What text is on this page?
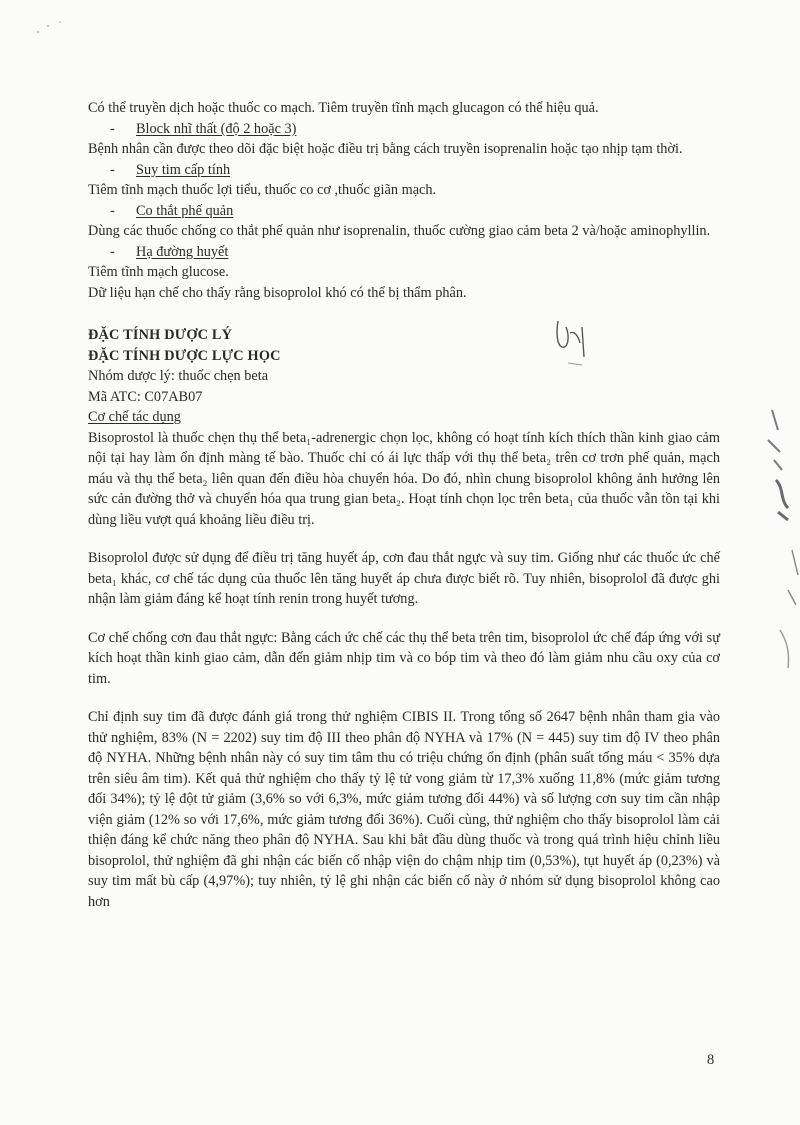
Có thể truyền dịch hoặc thuốc co mạch. Tiêm truyền tĩnh mạch glucagon có thể hiệu quả.

- Block nhĩ thất (độ 2 hoặc 3)

Bệnh nhân cần được theo dõi đặc biệt hoặc điều trị bằng cách truyền isoprenalin hoặc tạo nhịp tạm thời.

- Suy tim cấp tính

Tiêm tĩnh mạch thuốc lợi tiểu, thuốc co cơ ,thuốc giãn mạch.

- Co thắt phế quản

Dùng các thuốc chống co thắt phế quản như isoprenalin, thuốc cường giao cảm beta 2 và/hoặc aminophyllin.

- Hạ đường huyết

Tiêm tĩnh mạch glucose.

Dữ liệu hạn chế cho thấy rằng bisoprolol khó có thể bị thẩm phân.

ĐẶC TÍNH DƯỢC LÝ

ĐẶC TÍNH DƯỢC LỰC HỌC

Nhóm dược lý: thuốc chẹn beta

Mã ATC: C07AB07

Cơ chế tác dụng

Bisoprostol là thuốc chẹn thụ thể beta₁-adrenergic chọn lọc, không có hoạt tính kích thích thần kinh giao cảm nội tại hay làm ổn định màng tế bào. Thuốc chỉ có ái lực thấp với thụ thể beta₂ trên cơ trơn phế quản, mạch máu và thụ thể beta₂ liên quan đến điều hòa chuyển hóa. Do đó, nhìn chung bisoprolol không ảnh hưởng lên sức cản đường thở và chuyển hóa qua trung gian beta₂. Hoạt tính chọn lọc trên beta₁ của thuốc vẫn tồn tại khi dùng liều vượt quá khoảng liều điều trị.

Bisoprolol được sử dụng để điều trị tăng huyết áp, cơn đau thắt ngực và suy tim. Giống như các thuốc ức chế beta₁ khác, cơ chế tác dụng của thuốc lên tăng huyết áp chưa được biết rõ. Tuy nhiên, bisoprolol đã được ghi nhận làm giảm đáng kể hoạt tính renin trong huyết tương.

Cơ chế chống cơn đau thắt ngực: Bằng cách ức chế các thụ thể beta trên tim, bisoprolol ức chế đáp ứng với sự kích hoạt thần kinh giao cảm, dẫn đến giảm nhịp tim và co bóp tim và theo đó làm giảm nhu cầu oxy của cơ tim.

Chỉ định suy tim đã được đánh giá trong thử nghiệm CIBIS II. Trong tổng số 2647 bệnh nhân tham gia vào thử nghiệm, 83% (N = 2202) suy tim độ III theo phân độ NYHA và 17% (N = 445) suy tim độ IV theo phân độ NYHA. Những bệnh nhân này có suy tim tâm thu có triệu chứng ổn định (phân suất tống máu < 35% dựa trên siêu âm tim). Kết quả thử nghiệm cho thấy tỷ lệ tử vong giảm từ 17,3% xuống 11,8% (mức giảm tương đối 34%); tỷ lệ đột tử giảm (3,6% so với 6,3%, mức giảm tương đối 44%) và số lượng cơn suy tim cần nhập viện giảm (12% so với 17,6%, mức giảm tương đối 36%). Cuối cùng, thử nghiệm cho thấy bisoprolol làm cải thiện đáng kể chức năng theo phân độ NYHA. Sau khi bắt đầu dùng thuốc và trong quá trình hiệu chỉnh liều bisoprolol, thử nghiệm đã ghi nhận các biến cố nhập viện do chậm nhịp tim (0,53%), tụt huyết áp (0,23%) và suy tim mất bù cấp (4,97%); tuy nhiên, tỷ lệ ghi nhận các biến cố này ở nhóm sử dụng bisoprolol không cao hơn

8
